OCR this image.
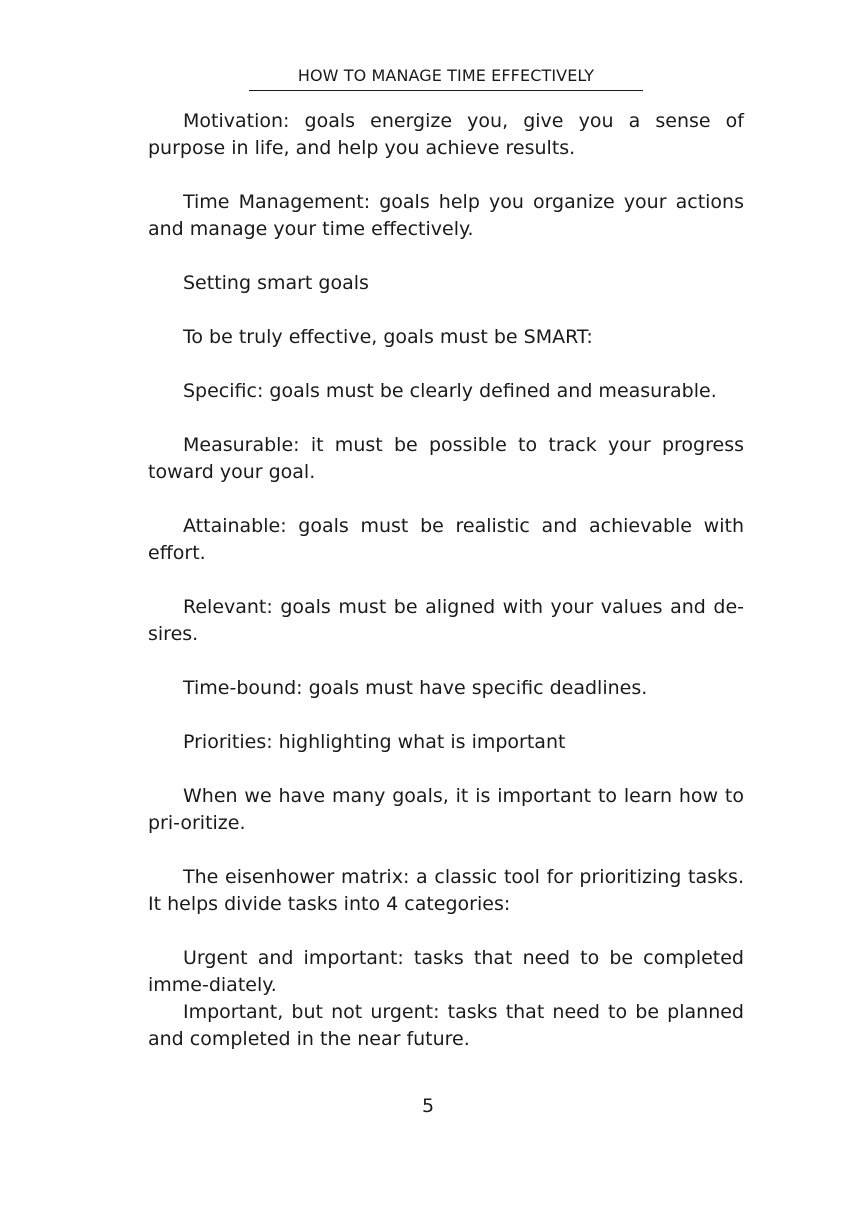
HOW TO MANAGE TIME EFFECTIVELY

Motivation: goals energize you, give you a sense of purpose in life, and help you achieve results.

Time Management: goals help you organize your actions and manage your time effectively.

Setting smart goals

To be truly effective, goals must be SMART:

Specific: goals must be clearly defined and measurable.

Measurable: it must be possible to track your progress toward your goal.

Attainable: goals must be realistic and achievable with effort.

Relevant: goals must be aligned with your values and de-sires.

Time-bound: goals must have specific deadlines.

Priorities: highlighting what is important

When we have many goals, it is important to learn how to pri-oritize.

The eisenhower matrix: a classic tool for prioritizing tasks. It helps divide tasks into 4 categories:

Urgent and important: tasks that need to be completed imme-diately.

Important, but not urgent: tasks that need to be planned and completed in the near future.

5
